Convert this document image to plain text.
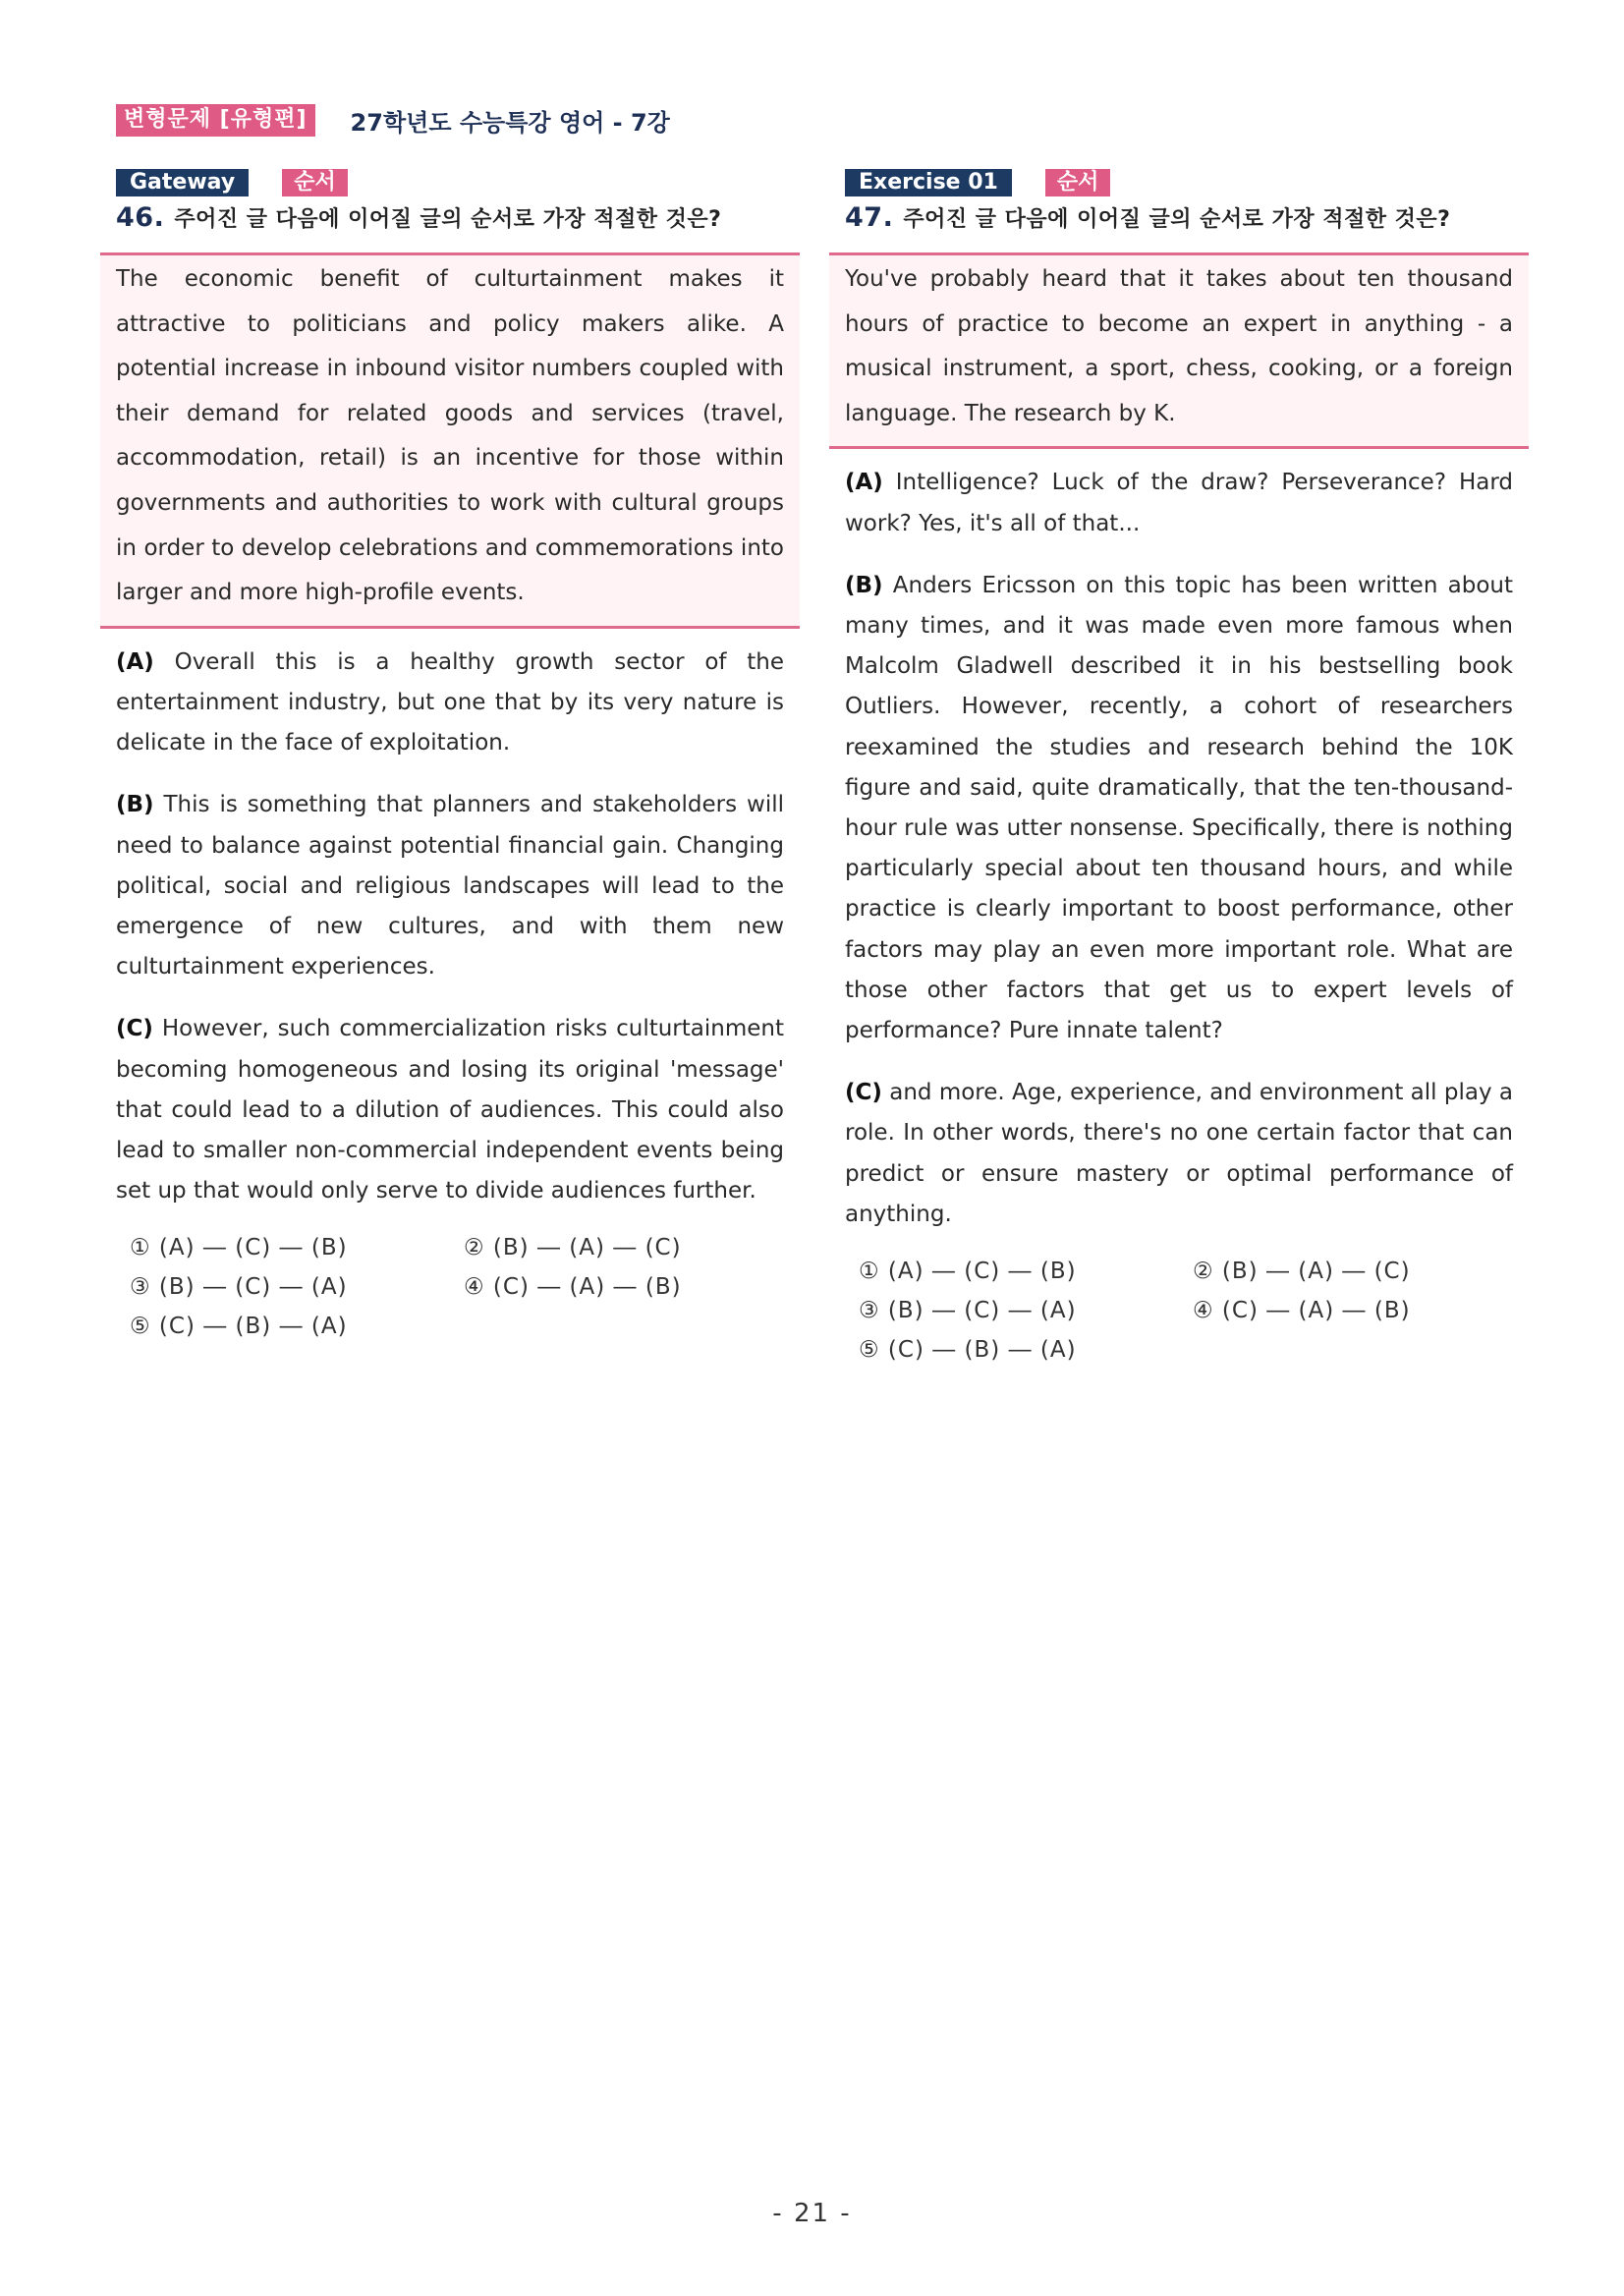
변형문제 [유형편]	27학년도 수능특강 영어 - 7강
Gateway	순서
46. 주어진 글 다음에 이어질 글의 순서로 가장 적절한 것은?

The economic benefit of culturtainment makes it attractive to politicians and policy makers alike. A potential increase in inbound visitor numbers coupled with their demand for related goods and services (travel, accommodation, retail) is an incentive for those within governments and authorities to work with cultural groups in order to develop celebrations and commemorations into larger and more high-profile events.

(A) Overall this is a healthy growth sector of the entertainment industry, but one that by its very nature is delicate in the face of exploitation.

(B) This is something that planners and stakeholders will need to balance against potential financial gain. Changing political, social and religious landscapes will lead to the emergence of new cultures, and with them new culturtainment experiences.

(C) However, such commercialization risks culturtainment becoming homogeneous and losing its original 'message' that could lead to a dilution of audiences. This could also lead to smaller non-commercial independent events being set up that would only serve to divide audiences further.

① (A) ― (C) ― (B)	② (B) ― (A) ― (C)
③ (B) ― (C) ― (A)	④ (C) ― (A) ― (B)
⑤ (C) ― (B) ― (A)
Exercise 01	순서
47. 주어진 글 다음에 이어질 글의 순서로 가장 적절한 것은?

You've probably heard that it takes about ten thousand hours of practice to become an expert in anything - a musical instrument, a sport, chess, cooking, or a foreign language. The research by K.

(A) Intelligence? Luck of the draw? Perseverance? Hard work? Yes, it's all of that...

(B) Anders Ericsson on this topic has been written about many times, and it was made even more famous when Malcolm Gladwell described it in his bestselling book Outliers. However, recently, a cohort of researchers reexamined the studies and research behind the 10K figure and said, quite dramatically, that the ten-thousand-hour rule was utter nonsense. Specifically, there is nothing particularly special about ten thousand hours, and while practice is clearly important to boost performance, other factors may play an even more important role. What are those other factors that get us to expert levels of performance? Pure innate talent?

(C) and more. Age, experience, and environment all play a role. In other words, there's no one certain factor that can predict or ensure mastery or optimal performance of anything.

① (A) ― (C) ― (B)	② (B) ― (A) ― (C)
③ (B) ― (C) ― (A)	④ (C) ― (A) ― (B)
⑤ (C) ― (B) ― (A)
- 21 -
